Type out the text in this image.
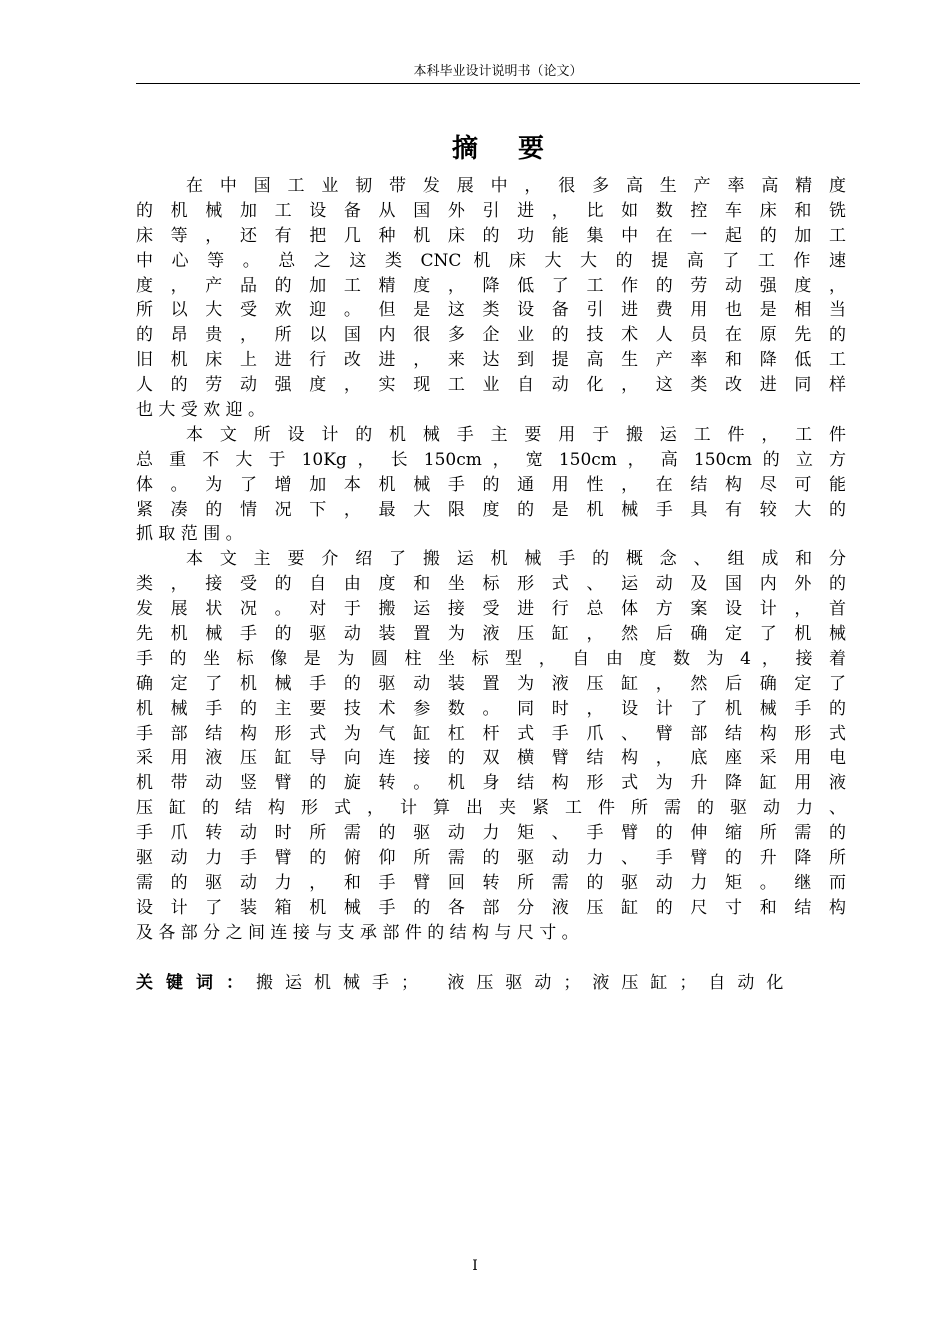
本科毕业设计说明书（论文）
摘要
在 中 国 工 业 韧 带 发 展 中 ， 很 多 高 生 产 率 高 精 度
的 机 械 加 工 设 备 从 国 外 引 进 ， 比 如 数 控 车 床 和 铣
床 等 ， 还 有 把 几 种 机 床 的 功 能 集 中 在 一 起 的 加 工
中 心 等 。 总 之 这 类 CNC 机 床 大 大 的 提 高 了 工 作 速
度 ， 产 品 的 加 工 精 度 ， 降 低 了 工 作 的 劳 动 强 度 ，
所 以 大 受 欢 迎 。 但 是 这 类 设 备 引 进 费 用 也 是 相 当
的 昂 贵 ， 所 以 国 内 很 多 企 业 的 技 术 人 员 在 原 先 的
旧 机 床 上 进 行 改 进 ， 来 达 到 提 高 生 产 率 和 降 低 工
人 的 劳 动 强 度 ， 实 现 工 业 自 动 化 ， 这 类 改 进 同 样
也 大 受 欢 迎 。
本 文 所 设 计 的 机 械 手 主 要 用 于 搬 运 工 件 ， 工 件
总 重 不 大 于 10Kg ， 长 150cm ， 宽 150cm ， 高 150cm 的 立 方
体 。 为 了 增 加 本 机 械 手 的 通 用 性 ， 在 结 构 尽 可 能
紧 凑 的 情 况 下 ， 最 大 限 度 的 是 机 械 手 具 有 较 大 的
抓 取 范 围 。
本 文 主 要 介 绍 了 搬 运 机 械 手 的 概 念 、 组 成 和 分
类 ， 接 受 的 自 由 度 和 坐 标 形 式 、 运 动 及 国 内 外 的
发 展 状 况 。 对 于 搬 运 接 受 进 行 总 体 方 案 设 计 ， 首
先 机 械 手 的 驱 动 装 置 为 液 压 缸 ， 然 后 确 定 了 机 械
手 的 坐 标 像 是 为 圆 柱 坐 标 型 ， 自 由 度 数 为 4 ， 接 着
确 定 了 机 械 手 的 驱 动 装 置 为 液 压 缸 ， 然 后 确 定 了
机 械 手 的 主 要 技 术 参 数 。 同 时 ， 设 计 了 机 械 手 的
手 部 结 构 形 式 为 气 缸 杠 杆 式 手 爪 、 臂 部 结 构 形 式
采 用 液 压 缸 导 向 连 接 的 双 横 臂 结 构 ， 底 座 采 用 电
机 带 动 竖 臂 的 旋 转 。 机 身 结 构 形 式 为 升 降 缸 用 液
压 缸 的 结 构 形 式 ， 计 算 出 夹 紧 工 件 所 需 的 驱 动 力 、
手 爪 转 动 时 所 需 的 驱 动 力 矩 、 手 臂 的 伸 缩 所 需 的
驱 动 力 手 臂 的 俯 仰 所 需 的 驱 动 力 、 手 臂 的 升 降 所
需 的 驱 动 力 ， 和 手 臂 回 转 所 需 的 驱 动 力 矩 。 继 而
设 计 了 装 箱 机 械 手 的 各 部 分 液 压 缸 的 尺 寸 和 结 构
及 各 部 分 之 间 连 接 与 支 承 部 件 的 结 构 与 尺 寸 。
关键词：搬运机械手； 液压驱动；液压缸；自动化
I
